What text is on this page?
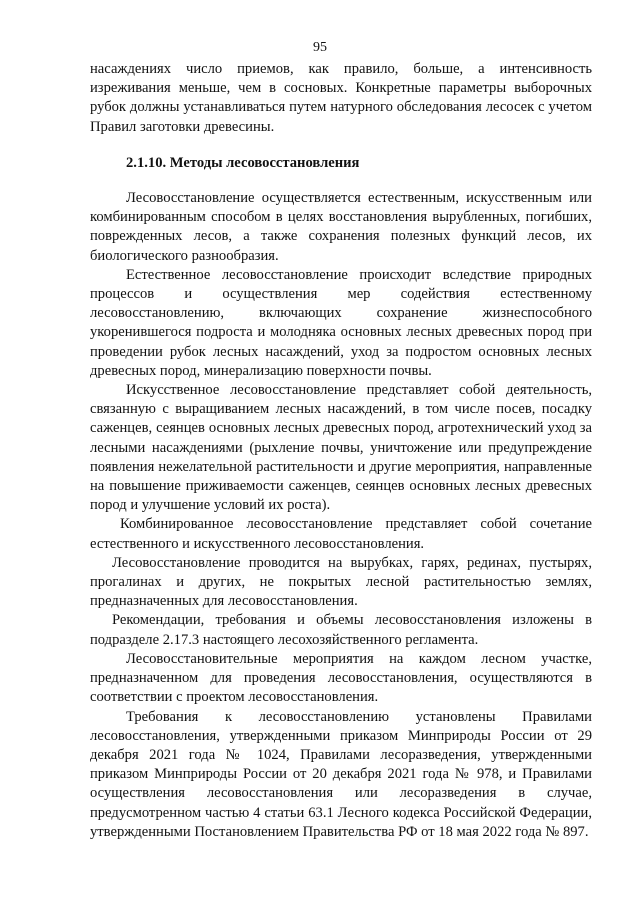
95

насаждениях число приемов, как правило, больше, а интенсивность изреживания меньше, чем в сосновых. Конкретные параметры выборочных рубок должны устанавливаться путем натурного обследования лесосек с учетом Правил заготовки древесины.

2.1.10. Методы лесовосстановления

Лесовосстановление осуществляется естественным, искусственным или комбинированным способом в целях восстановления вырубленных, погибших, поврежденных лесов, а также сохранения полезных функций лесов, их биологического разнообразия.

Естественное лесовосстановление происходит вследствие природных процессов и осуществления мер содействия естественному лесовосстановлению, включающих сохранение жизнеспособного укоренившегося подроста и молодняка основных лесных древесных пород при проведении рубок лесных насаждений, уход за подростом основных лесных древесных пород, минерализацию поверхности почвы.

Искусственное лесовосстановление представляет собой деятельность, связанную с выращиванием лесных насаждений, в том числе посев, посадку саженцев, сеянцев основных лесных древесных пород, агротехнический уход за лесными насаждениями (рыхление почвы, уничтожение или предупреждение появления нежелательной растительности и другие мероприятия, направленные на повышение приживаемости саженцев, сеянцев основных лесных древесных пород и улучшение условий их роста).

Комбинированное лесовосстановление представляет собой сочетание естественного и искусственного лесовосстановления.

Лесовосстановление проводится на вырубках, гарях, рединах, пустырях, прогалинах и других, не покрытых лесной растительностью землях, предназначенных для лесовосстановления.

Рекомендации, требования и объемы лесовосстановления изложены в подразделе 2.17.3 настоящего лесохозяйственного регламента.

Лесовосстановительные мероприятия на каждом лесном участке, предназначенном для проведения лесовосстановления, осуществляются в соответствии с проектом лесовосстановления.

Требования к лесовосстановлению установлены Правилами лесовосстановления, утвержденными приказом Минприроды России от 29 декабря 2021 года № 1024, Правилами лесоразведения, утвержденными приказом Минприроды России от 20 декабря 2021 года № 978, и Правилами осуществления лесовосстановления или лесоразведения в случае, предусмотренном частью 4 статьи 63.1 Лесного кодекса Российской Федерации, утвержденными Постановлением Правительства РФ от 18 мая 2022 года № 897.
